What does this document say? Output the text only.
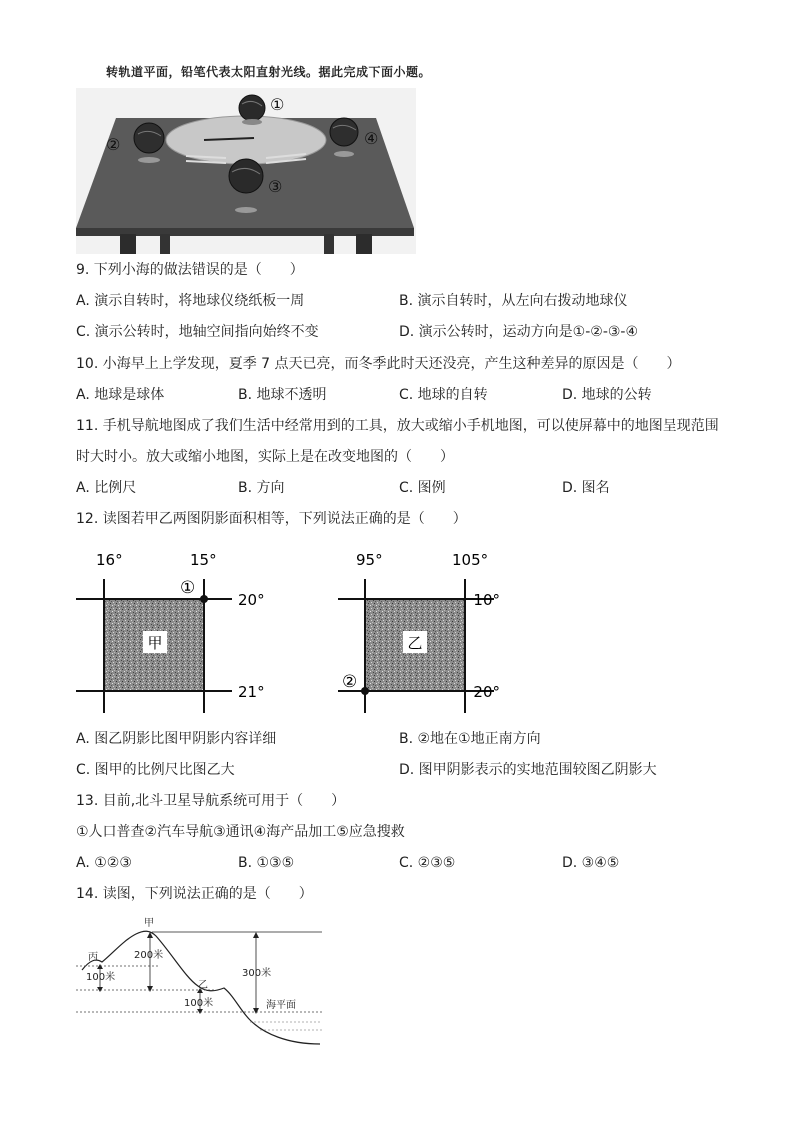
转轨道平面，铅笔代表太阳直射光线。据此完成下面小题。
①
②
③
④
9. 下列小海的做法错误的是（　　）
A. 演示自转时，将地球仪绕纸板一周	B. 演示自转时，从左向右拨动地球仪
C. 演示公转时，地轴空间指向始终不变	D. 演示公转时，运动方向是①-②-③-④
10. 小海早上上学发现，夏季 7 点天已亮，而冬季此时天还没亮，产生这种差异的原因是（　　）
A. 地球是球体	B. 地球不透明	C. 地球的自转	D. 地球的公转
11. 手机导航地图成了我们生活中经常用到的工具，放大或缩小手机地图，可以使屏幕中的地图呈现范围
时大时小。放大或缩小地图，实际上是在改变地图的（　　）
A. 比例尺	B. 方向	C. 图例	D. 图名
12. 读图若甲乙两图阴影面积相等，下列说法正确的是（　　）
甲
16°	15°
20°
21°
①
乙
95°	105°
10°
20°
②
A. 图乙阴影比图甲阴影内容详细	B. ②地在①地正南方向
C. 图甲的比例尺比图乙大	D. 图甲阴影表示的实地范围较图乙阴影大
13. 目前,北斗卫星导航系统可用于（　　）
①人口普查②汽车导航③通讯④海产品加工⑤应急搜救
A. ①②③	B. ①③⑤	C. ②③⑤	D. ③④⑤
14. 读图，下列说法正确的是（　　）
甲
丙
乙
200米
100米
100米
300米
海平面
